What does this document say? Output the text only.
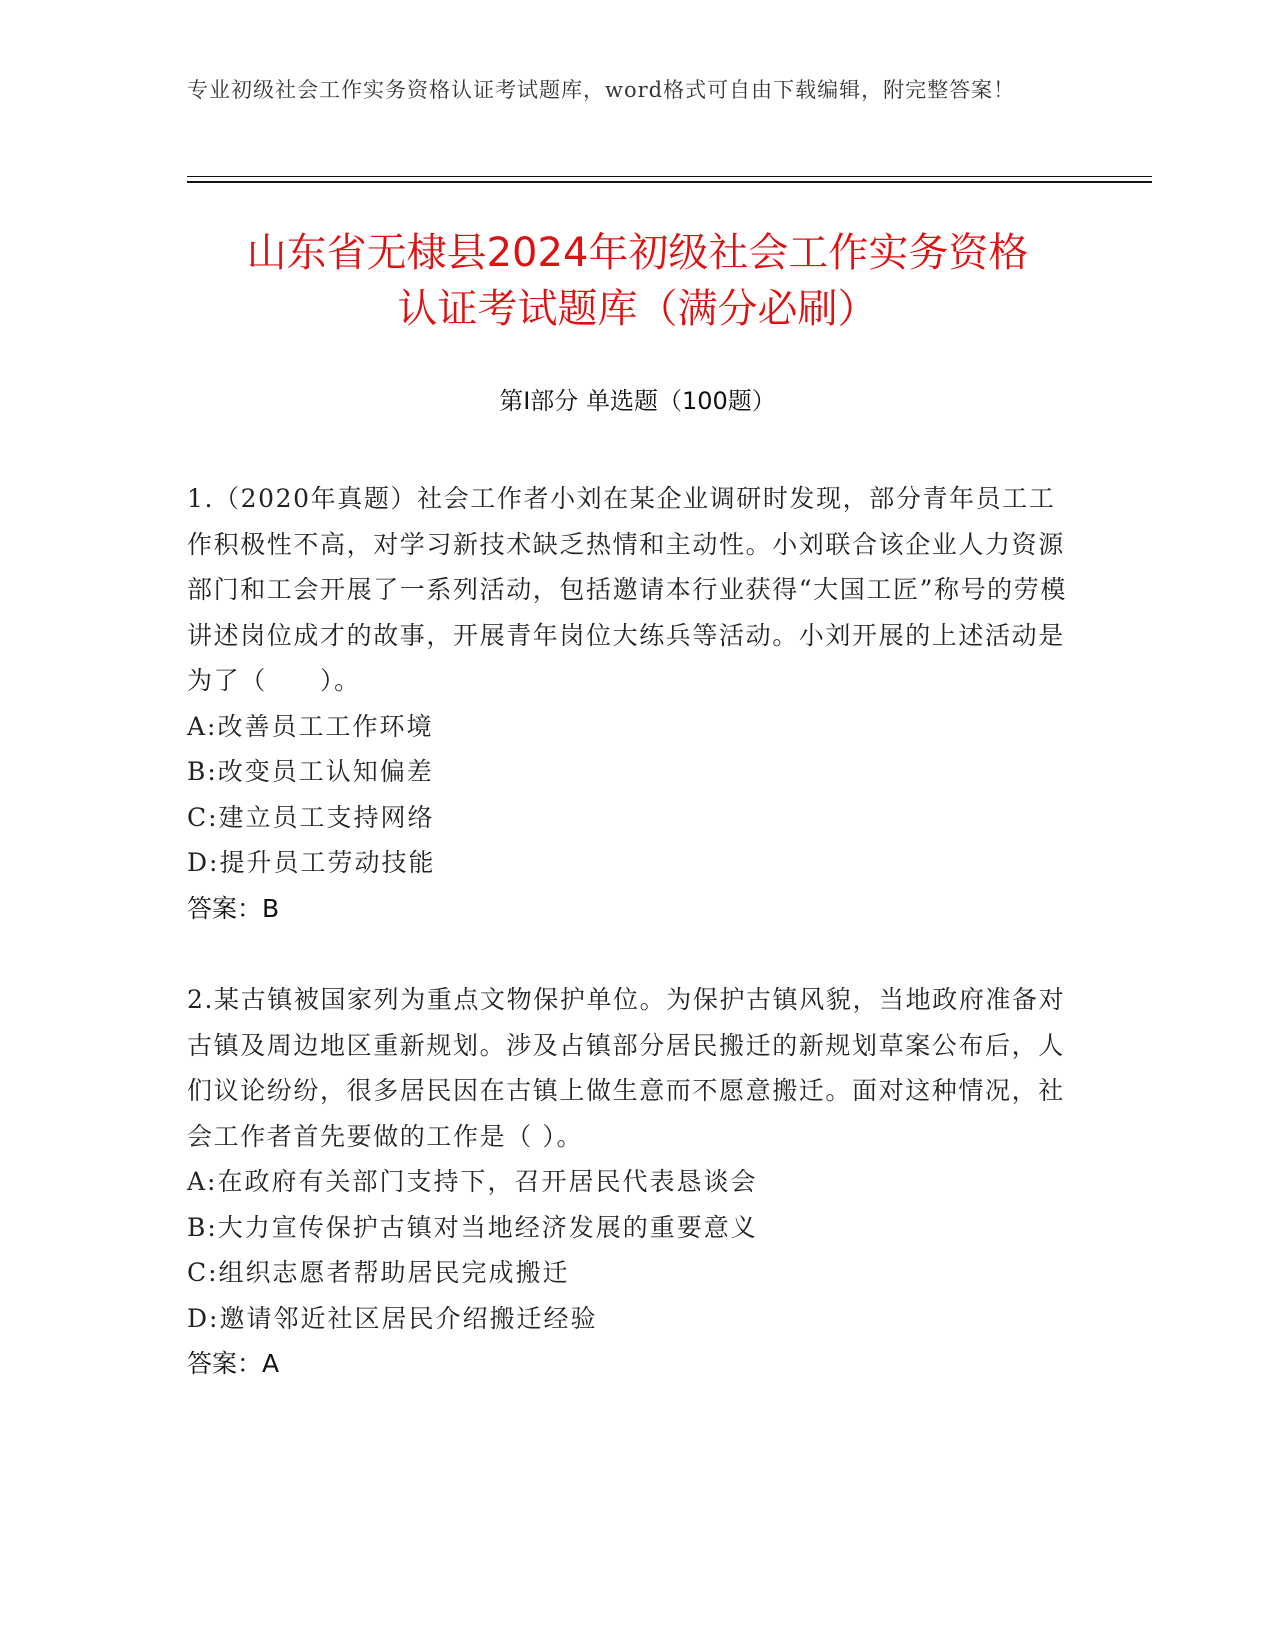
专业初级社会工作实务资格认证考试题库，word格式可自由下载编辑，附完整答案！
山东省无棣县2024年初级社会工作实务资格
认证考试题库（满分必刷）
第Ⅰ部分 单选题（100题）

1.（2020年真题）社会工作者小刘在某企业调研时发现，部分青年员工工作积极性不高，对学习新技术缺乏热情和主动性。小刘联合该企业人力资源部门和工会开展了一系列活动，包括邀请本行业获得“大国工匠”称号的劳模讲述岗位成才的故事，开展青年岗位大练兵等活动。小刘开展的上述活动是为了（　　）。

A:改善员工工作环境

B:改变员工认知偏差

C:建立员工支持网络

D:提升员工劳动技能

答案：B

2.某古镇被国家列为重点文物保护单位。为保护古镇风貌，当地政府准备对古镇及周边地区重新规划。涉及占镇部分居民搬迁的新规划草案公布后，人们议论纷纷，很多居民因在古镇上做生意而不愿意搬迁。面对这种情况，社会工作者首先要做的工作是（ ）。

A:在政府有关部门支持下，召开居民代表恳谈会

B:大力宣传保护古镇对当地经济发展的重要意义

C:组织志愿者帮助居民完成搬迁

D:邀请邻近社区居民介绍搬迁经验

答案：A
